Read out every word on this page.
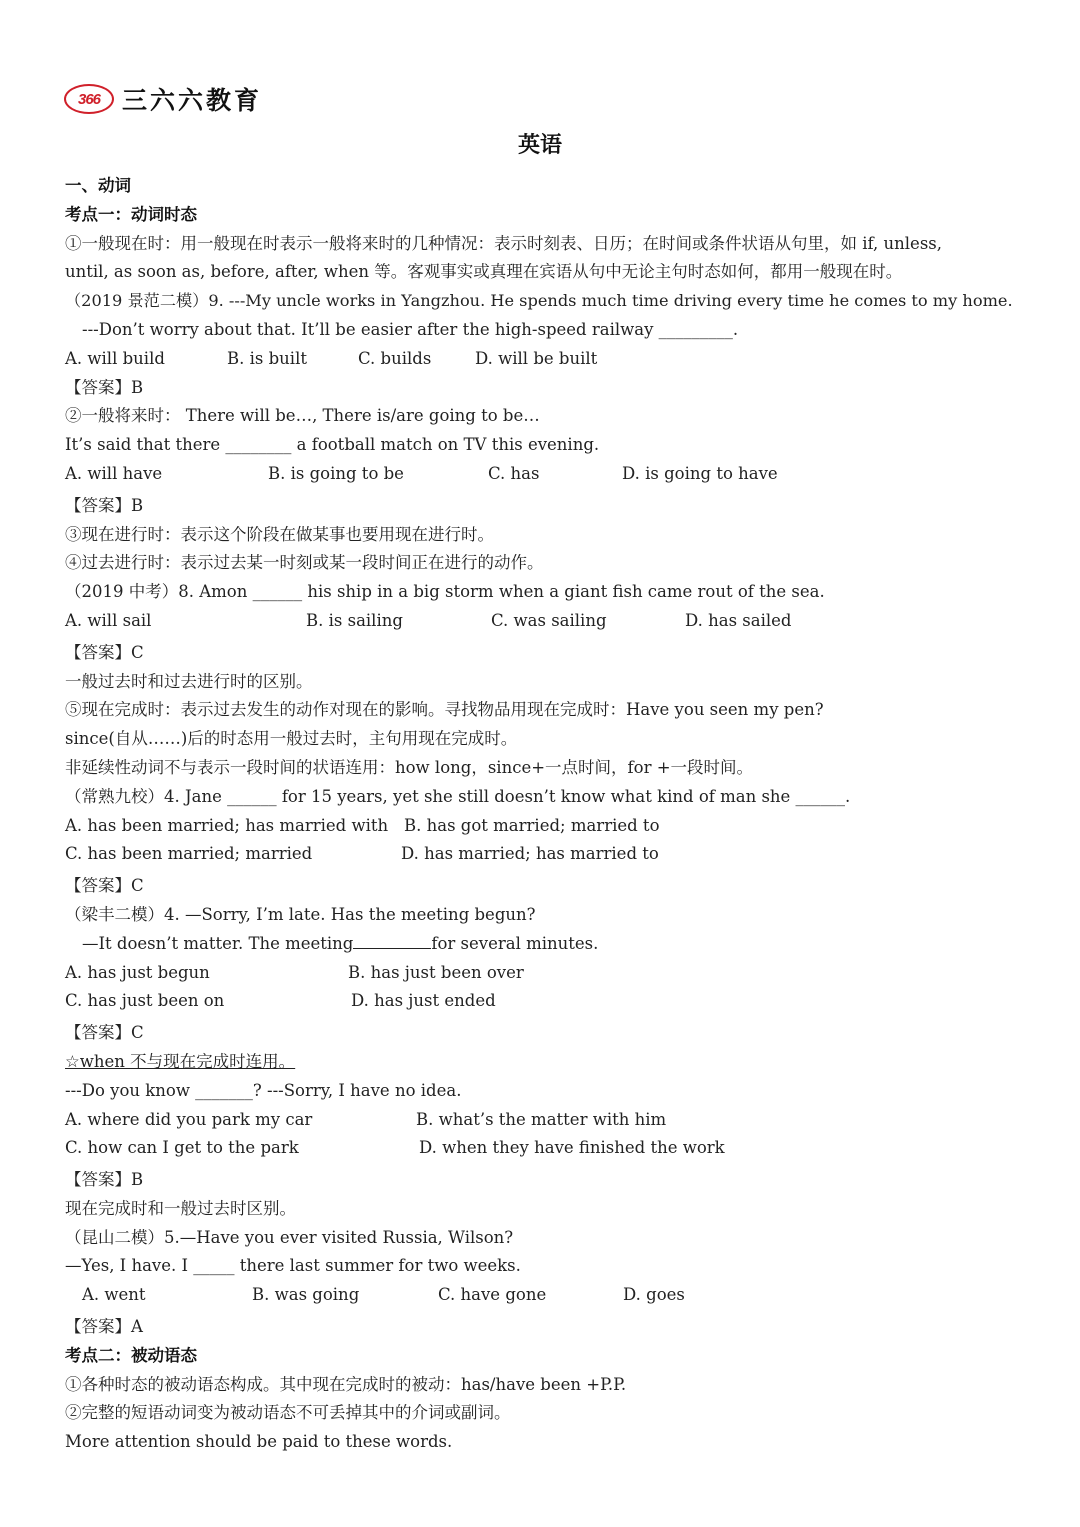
366 三六六教育
英语
一、动词
考点一：动词时态
①一般现在时：用一般现在时表示一般将来时的几种情况：表示时刻表、日历；在时间或条件状语从句里，如 if, unless,
until, as soon as, before, after, when 等。客观事实或真理在宾语从句中无论主句时态如何，都用一般现在时。
（2019 景范二模）9. ---My uncle works in Yangzhou. He spends much time driving every time he comes to my home.
---Don’t worry about that. It’ll be easier after the high-speed railway _________.
A. will build	B. is built	C. builds	D. will be built
【答案】B
②一般将来时： There will be…, There is/are going to be…
It’s said that there ________ a football match on TV this evening.
A. will have	B. is going to be	C. has	D. is going to have
【答案】B
③现在进行时：表示这个阶段在做某事也要用现在进行时。
④过去进行时：表示过去某一时刻或某一段时间正在进行的动作。
（2019 中考）8. Amon ______ his ship in a big storm when a giant fish came rout of the sea.
A. will sail	B. is sailing	C. was sailing	D. has sailed
【答案】C
一般过去时和过去进行时的区别。
⑤现在完成时：表示过去发生的动作对现在的影响。寻找物品用现在完成时：Have you seen my pen?
since(自从……)后的时态用一般过去时，主句用现在完成时。
非延续性动词不与表示一段时间的状语连用：how long，since+一点时间，for +一段时间。
（常熟九校）4. Jane ______ for 15 years, yet she still doesn’t know what kind of man she ______.
A. has been married; has married with B. has got married; married to
C. has been married; married	D. has married; has married to
【答案】C
（梁丰二模）4. —Sorry, I’m late. Has the meeting begun?
—It doesn’t matter. The meeting	for several minutes.
A. has just begun	B. has just been over
C. has just been on	D. has just ended
【答案】C
☆when 不与现在完成时连用。
---Do you know _______? ---Sorry, I have no idea.
A. where did you park my car	B. what’s the matter with him
C. how can I get to the park	D. when they have finished the work
【答案】B
现在完成时和一般过去时区别。
（昆山二模）5.—Have you ever visited Russia, Wilson?
—Yes, I have. I _____ there last summer for two weeks.
A. went	B. was going	C. have gone	D. goes
【答案】A
考点二：被动语态
①各种时态的被动语态构成。其中现在完成时的被动：has/have been +P.P.
②完整的短语动词变为被动语态不可丢掉其中的介词或副词。
More attention should be paid to these words.
